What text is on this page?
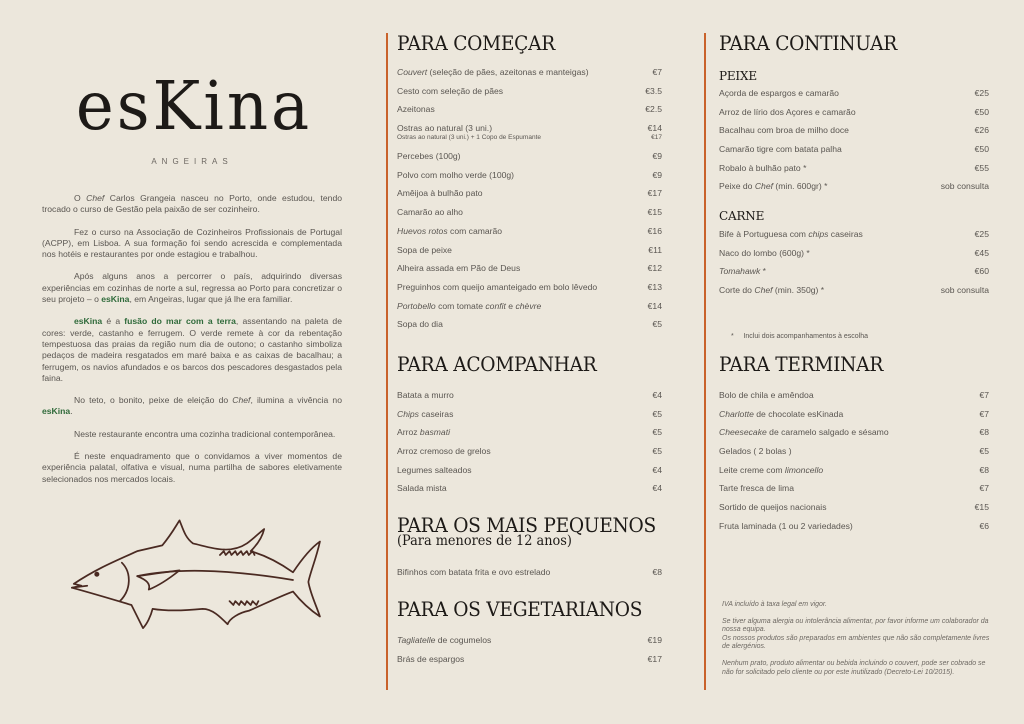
esKina
ANGEIRAS

O Chef Carlos Grangeia nasceu no Porto, onde estudou, tendo trocado o curso de Gestão pela paixão de ser cozinheiro.

Fez o curso na Associação de Cozinheiros Profissionais de Portugal (ACPP), em Lisboa. A sua formação foi sendo acrescida e complementada nos hotéis e restaurantes por onde estagiou e trabalhou.

Após alguns anos a percorrer o país, adquirindo diversas experiências em cozinhas de norte a sul, regressa ao Porto para concretizar o seu projeto – o esKina, em Angeiras, lugar que já lhe era familiar.

esKina é a fusão do mar com a terra, assentando na paleta de cores: verde, castanho e ferrugem. O verde remete à cor da rebentação tempestuosa das praias da região num dia de outono; o castanho simboliza pedaços de madeira resgatados em maré baixa e as caixas de bacalhau; a ferrugem, os navios afundados e os barcos dos pescadores desgastados pela faina.

No teto, o bonito, peixe de eleição do Chef, ilumina a vivência no esKina.

Neste restaurante encontra uma cozinha tradicional contemporânea.

É neste enquadramento que o convidamos a viver momentos de experiência palatal, olfativa e visual, numa partilha de sabores eletivamente selecionados nos mercados locais.

PARA COMEÇAR
Couvert (seleção de pães, azeitonas e manteigas)	€7
Cesto com seleção de pães	€3.5
Azeitonas	€2.5
Ostras ao natural (3 uni.)	€14
Ostras ao natural (3 uni.) + 1 Copo de Espumante	€17
Percebes (100g)	€9
Polvo com molho verde (100g)	€9
Amêijoa à bulhão pato	€17
Camarão ao alho	€15
Huevos rotos com camarão	€16
Sopa de peixe	€11
Alheira assada em Pão de Deus	€12
Preguinhos com queijo amanteigado em bolo lêvedo	€13
Portobello com tomate confit e chèvre	€14
Sopa do dia	€5
PARA ACOMPANHAR
Batata a murro	€4
Chips caseiras	€5
Arroz basmati	€5
Arroz cremoso de grelos	€5
Legumes salteados	€4
Salada mista	€4
PARA OS MAIS PEQUENOS
(Para menores de 12 anos)
Bifinhos com batata frita e ovo estrelado	€8
PARA OS VEGETARIANOS
Tagliatelle de cogumelos	€19
Brás de espargos	€17
PARA CONTINUAR
PEIXE
Açorda de espargos e camarão	€25
Arroz de lírio dos Açores e camarão	€50
Bacalhau com broa de milho doce	€26
Camarão tigre com batata palha	€50
Robalo à bulhão pato *	€55
Peixe do Chef (min. 600gr) *	sob consulta
CARNE
Bife à Portuguesa com chips caseiras	€25
Naco do lombo (600g) *	€45
Tomahawk *	€60
Corte do Chef (min. 350g) *	sob consulta
* Inclui dois acompanhamentos à escolha
PARA TERMINAR
Bolo de chila e amêndoa	€7
Charlotte de chocolate esKinada	€7
Cheesecake de caramelo salgado e sésamo	€8
Gelados ( 2 bolas )	€5
Leite creme com limoncello	€8
Tarte fresca de lima	€7
Sortido de queijos nacionais	€15
Fruta laminada (1 ou 2 variedades)	€6

IVA incluído à taxa legal em vigor.

Se tiver alguma alergia ou intolerância alimentar, por favor informe um colaborador da nossa equipa.
Os nossos produtos são preparados em ambientes que não são completamente livres de alergénios.

Nenhum prato, produto alimentar ou bebida incluindo o couvert, pode ser cobrado se não for solicitado pelo cliente ou por este inutilizado (Decreto-Lei 10/2015).
